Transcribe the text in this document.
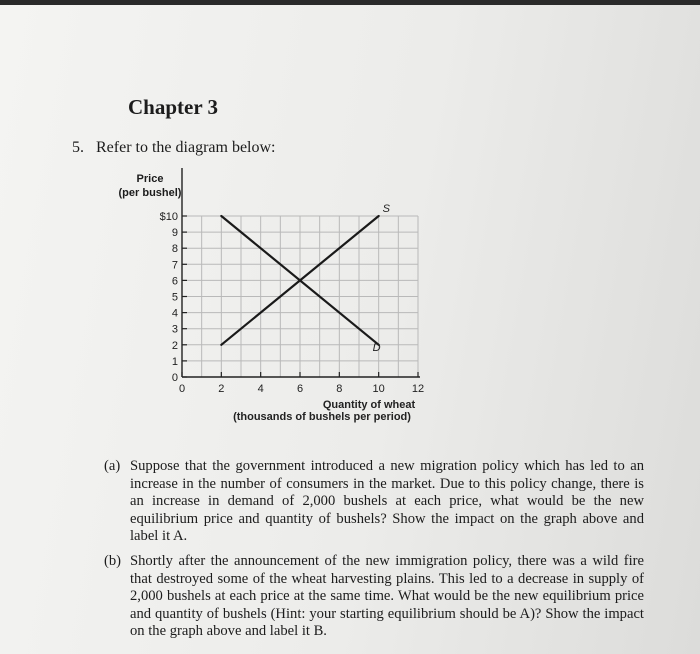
Chapter 3
5. Refer to the diagram below:
Price
(per bushel)
0
1
2
3
4
5
6
7
8
9
$10
0	2	4	6	8	10 12
Quantity of wheat
(thousands of bushels per period)
S
D
(a) Suppose that the government introduced a new migration policy which has led to an increase in the number of consumers in the market. Due to this policy change, there is an increase in demand of 2,000 bushels at each price, what would be the new equilibrium price and quantity of bushels? Show the impact on the graph above and label it A.
(b) Shortly after the announcement of the new immigration policy, there was a wild fire that destroyed some of the wheat harvesting plains. This led to a decrease in supply of 2,000 bushels at each price at the same time. What would be the new equilibrium price and quantity of bushels (Hint: your starting equilibrium should be A)? Show the impact on the graph above and label it B.
